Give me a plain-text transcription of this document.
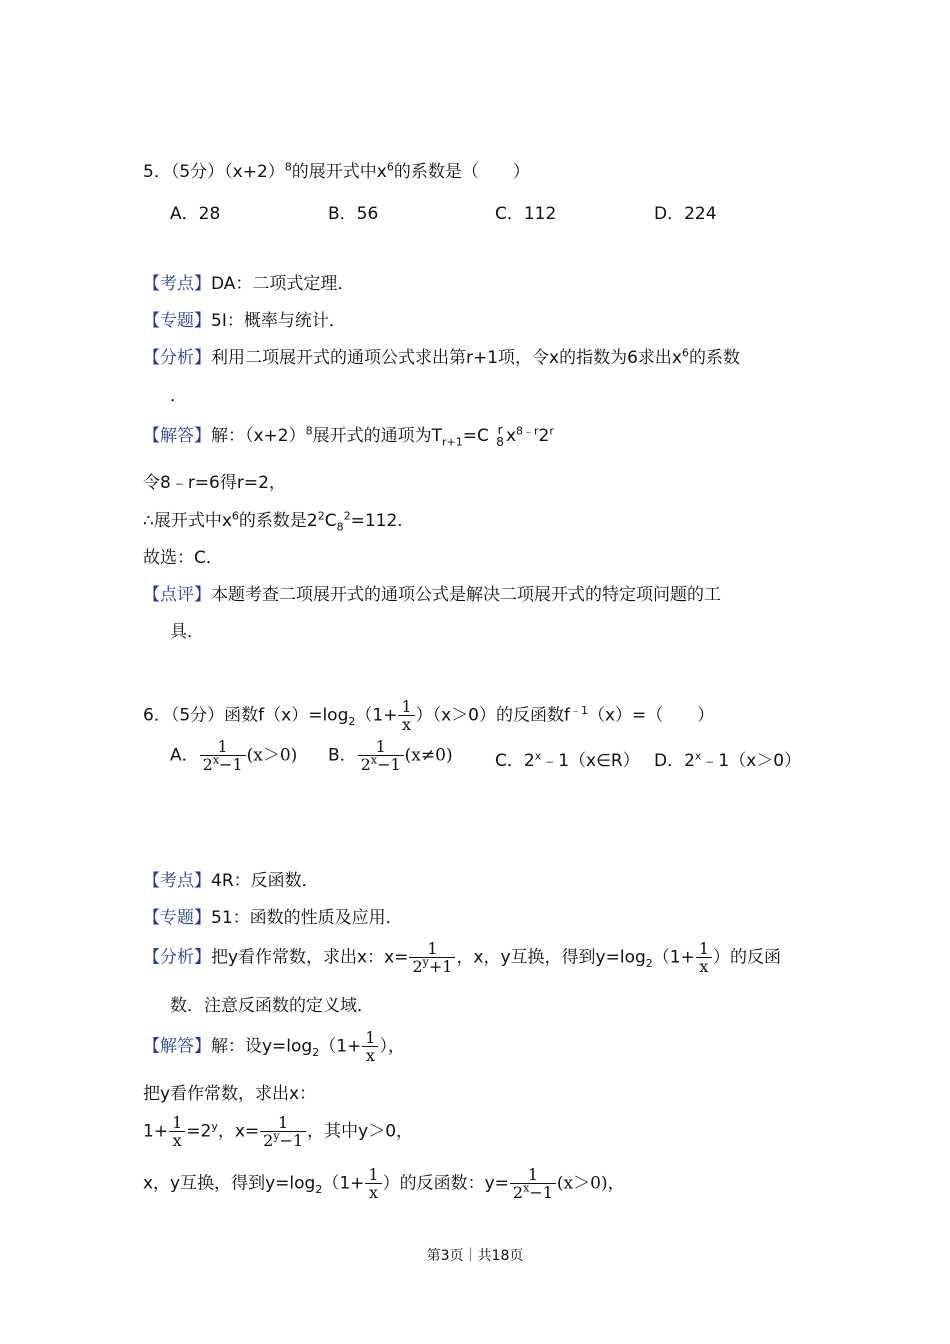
5．（5分）$(x+2)^8$的展开式中$x^6$的系数是（　　）
A．28	B．56	C．112	D．224
【考点】DA：二项式定理．
【专题】5I：概率与统计．
【分析】利用二项展开式的通项公式求出第r+1项，令x的指数为6求出$x^6$的系数
．
【解答】解：$(x+2)^8$展开式的通项为$T_{r+1}=C$ r
8 $x^{8﹣r}2^r$
令8﹣r=6得r=2，
∴展开式中$x^6$的系数是$2^2C_8^2=112$．
故选：C．
【点评】本题考查二项展开式的通项公式是解决二项展开式的特定项问题的工
具．
6．（5分）函数$f(x)=\log_2(1+ \frac{1}{x} )(x>0)$的反函数$f^{﹣1}(x)=$（　　）
A． $\frac{1}{2^x-1} (x>0)$ B． $\frac{1}{2^x-1} (x\ne 0)$ C．2$^x$﹣1（x∈R） D．$2^x﹣1(x>0)$
【考点】4R：反函数．
【专题】51：函数的性质及应用．
【分析】把y看作常数，求出x：$x= \frac{1}{2^y+1}$ ，x，y互换，得到$y=\log_2(1+ \frac{1}{x}$ ）的反函
数．注意反函数的定义域．
【解答】解：设$y=\log_2(1+ \frac{1}{x}$ ），
把y看作常数，求出x：
$1+ \frac{1}{x} =2^y$，$x= \frac{1}{2^y-1}$ ，其中y＞0，
x，y互换，得到$y=\log_2(1+ \frac{1}{x}$ ）的反函数：$y= \frac{1}{2^x-1} (x>0)$，
第3页｜共18页
